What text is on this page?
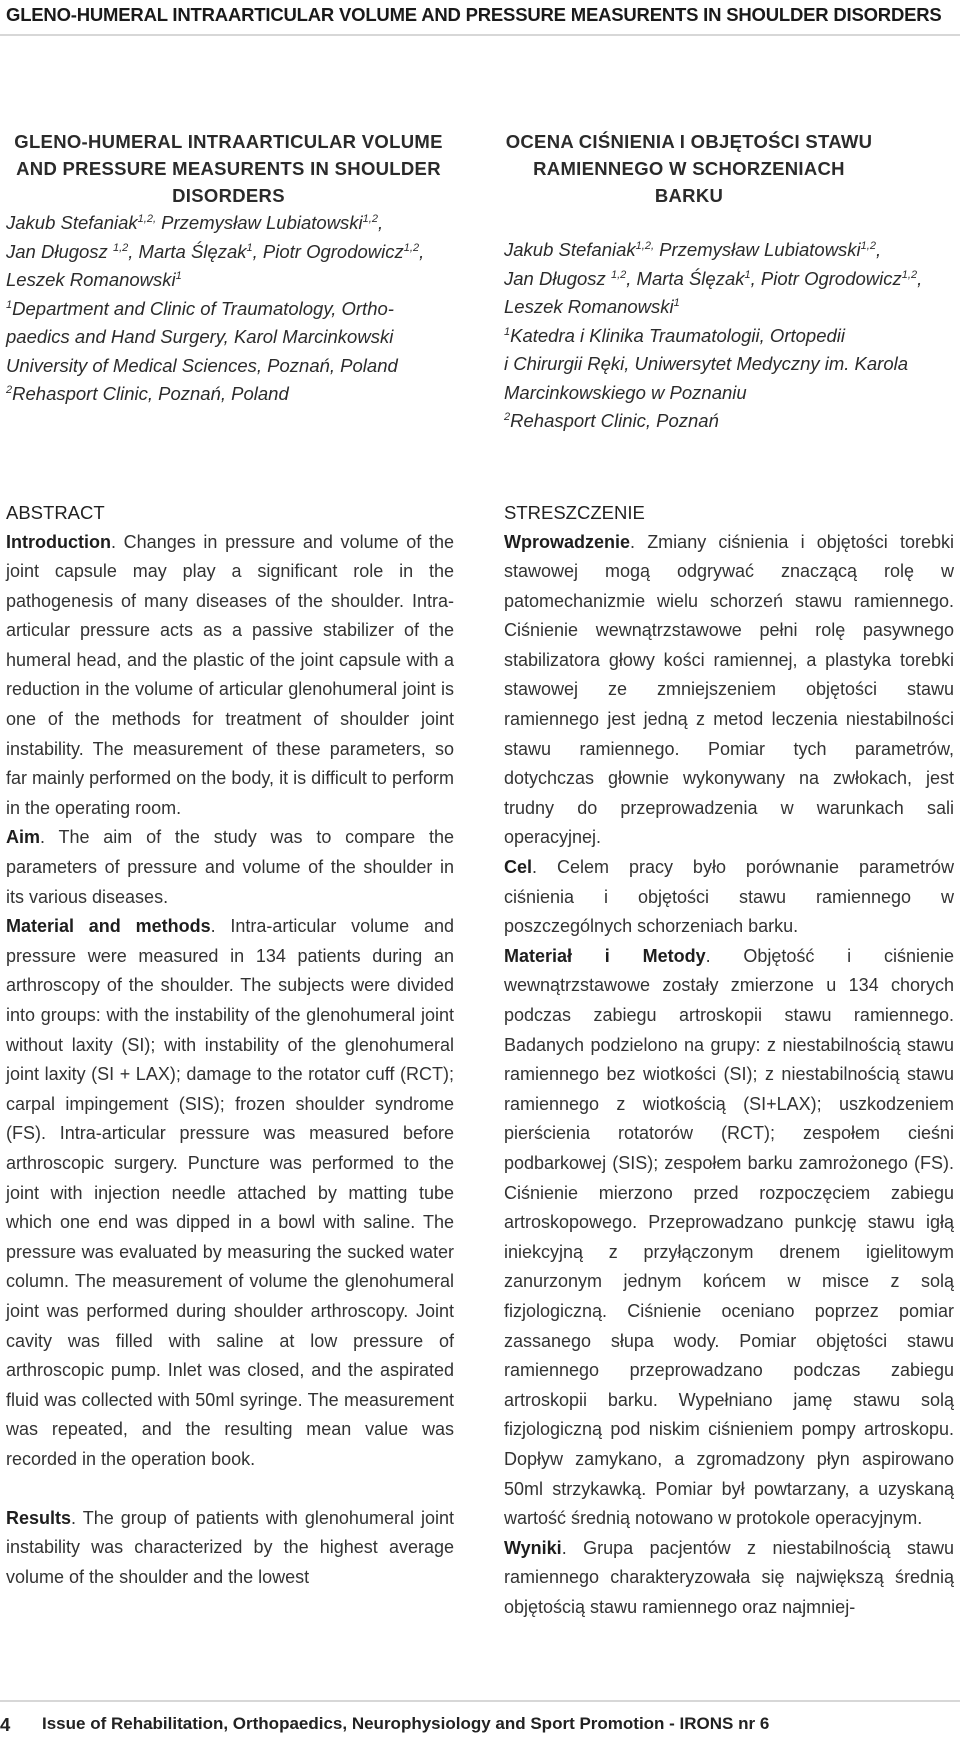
GLENO-HUMERAL INTRAARTICULAR VOLUME AND PRESSURE MEASURENTS IN SHOULDER DISORDERS
GLENO-HUMERAL INTRAARTICULAR VOLUME
AND PRESSURE MEASURENTS IN SHOULDER
DISORDERS
Jakub Stefaniak$^{1,2,}$ Przemysław Lubiatowski$^{1,2}$,
Jan Długosz $^{1,2}$, Marta Ślęzak$^1$, Piotr Ogrodowicz$^{1,2}$,
Leszek Romanowski$^1$
$^1$Department and Clinic of Traumatology, Ortho-
paedics and Hand Surgery, Karol Marcinkowski
University of Medical Sciences, Poznań, Poland
$^2$Rehasport Clinic, Poznań, Poland
OCENA CIŚNIENIA I OBJĘTOŚCI STAWU
RAMIENNEGO W SCHORZENIACH BARKU
Jakub Stefaniak$^{1,2,}$ Przemysław Lubiatowski$^{1,2}$,
Jan Długosz $^{1,2}$, Marta Ślęzak$^1$, Piotr Ogrodowicz$^{1,2}$,
Leszek Romanowski$^1$
$^1$Katedra i Klinika Traumatologii, Ortopedii
i Chirurgii Ręki, Uniwersytet Medyczny im. Karola
Marcinkowskiego w Poznaniu
$^2$Rehasport Clinic, Poznań
ABSTRACT

Introduction. Changes in pressure and volume of the joint capsule may play a significant role in the pathogenesis of many diseases of the shoulder. Intra-articular pressure acts as a passive stabilizer of the humeral head, and the plastic of the joint capsule with a reduction in the volume of articular glenohumeral joint is one of the methods for treatment of shoulder joint instability. The measurement of these parameters, so far mainly performed on the body, it is difficult to perform in the operating room.

Aim. The aim of the study was to compare the parameters of pressure and volume of the shoulder in its various diseases.

Material and methods. Intra-articular volume and pressure were measured in 134 patients during an arthroscopy of the shoulder. The subjects were divided into groups: with the instability of the glenohumeral joint without laxity (SI); with instability of the glenohumeral joint laxity (SI + LAX); damage to the rotator cuff (RCT); carpal impingement (SIS); frozen shoulder syndrome (FS). Intra-articular pressure was measured before arthroscopic surgery. Puncture was performed to the joint with injection needle attached by matting tube which one end was dipped in a bowl with saline. The pressure was evaluated by measuring the sucked water column. The measurement of volume the glenohumeral joint was performed during shoulder arthroscopy. Joint cavity was filled with saline at low pressure of arthroscopic pump. Inlet was closed, and the aspirated fluid was collected with 50ml syringe. The measurement was repeated, and the resulting mean value was recorded in the operation book.

Results. The group of patients with glenohumeral joint instability was characterized by the highest average volume of the shoulder and the lowest

STRESZCZENIE

Wprowadzenie. Zmiany ciśnienia i objętości torebki stawowej mogą odgrywać znaczącą rolę w patomechanizmie wielu schorzeń stawu ramiennego. Ciśnienie wewnątrzstawowe pełni rolę pasywnego stabilizatora głowy kości ramiennej, a plastyka torebki stawowej ze zmniejszeniem objętości stawu ramiennego jest jedną z metod leczenia niestabilności stawu ramiennego. Pomiar tych parametrów, dotychczas głownie wykonywany na zwłokach, jest trudny do przeprowadzenia w warunkach sali operacyjnej.

Cel. Celem pracy było porównanie parametrów ciśnienia i objętości stawu ramiennego w poszczególnych schorzeniach barku.

Materiał i Metody. Objętość i ciśnienie wewnątrzstawowe zostały zmierzone u 134 chorych podczas zabiegu artroskopii stawu ramiennego. Badanych podzielono na grupy: z niestabilnością stawu ramiennego bez wiotkości (SI); z niestabilnością stawu ramiennego z wiotkością (SI+LAX); uszkodzeniem pierścienia rotatorów (RCT); zespołem cieśni podbarkowej (SIS); zespołem barku zamrożonego (FS). Ciśnienie mierzono przed rozpoczęciem zabiegu artroskopowego. Przeprowadzano punkcję stawu igłą iniekcyjną z przyłączonym drenem igielitowym zanurzonym jednym końcem w misce z solą fizjologiczną. Ciśnienie oceniano poprzez pomiar zassanego słupa wody. Pomiar objętości stawu ramiennego przeprowadzano podczas zabiegu artroskopii barku. Wypełniano jamę stawu solą fizjologiczną pod niskim ciśnieniem pompy artroskopu. Dopływ zamykano, a zgromadzony płyn aspirowano 50ml strzykawką. Pomiar był powtarzany, a uzyskaną wartość średnią notowano w protokole operacyjnym.

Wyniki. Grupa pacjentów z niestabilnością stawu ramiennego charakteryzowała się największą średnią objętością stawu ramiennego oraz najmniej-

4 Issue of Rehabilitation, Orthopaedics, Neurophysiology and Sport Promotion - IRONS nr 6
